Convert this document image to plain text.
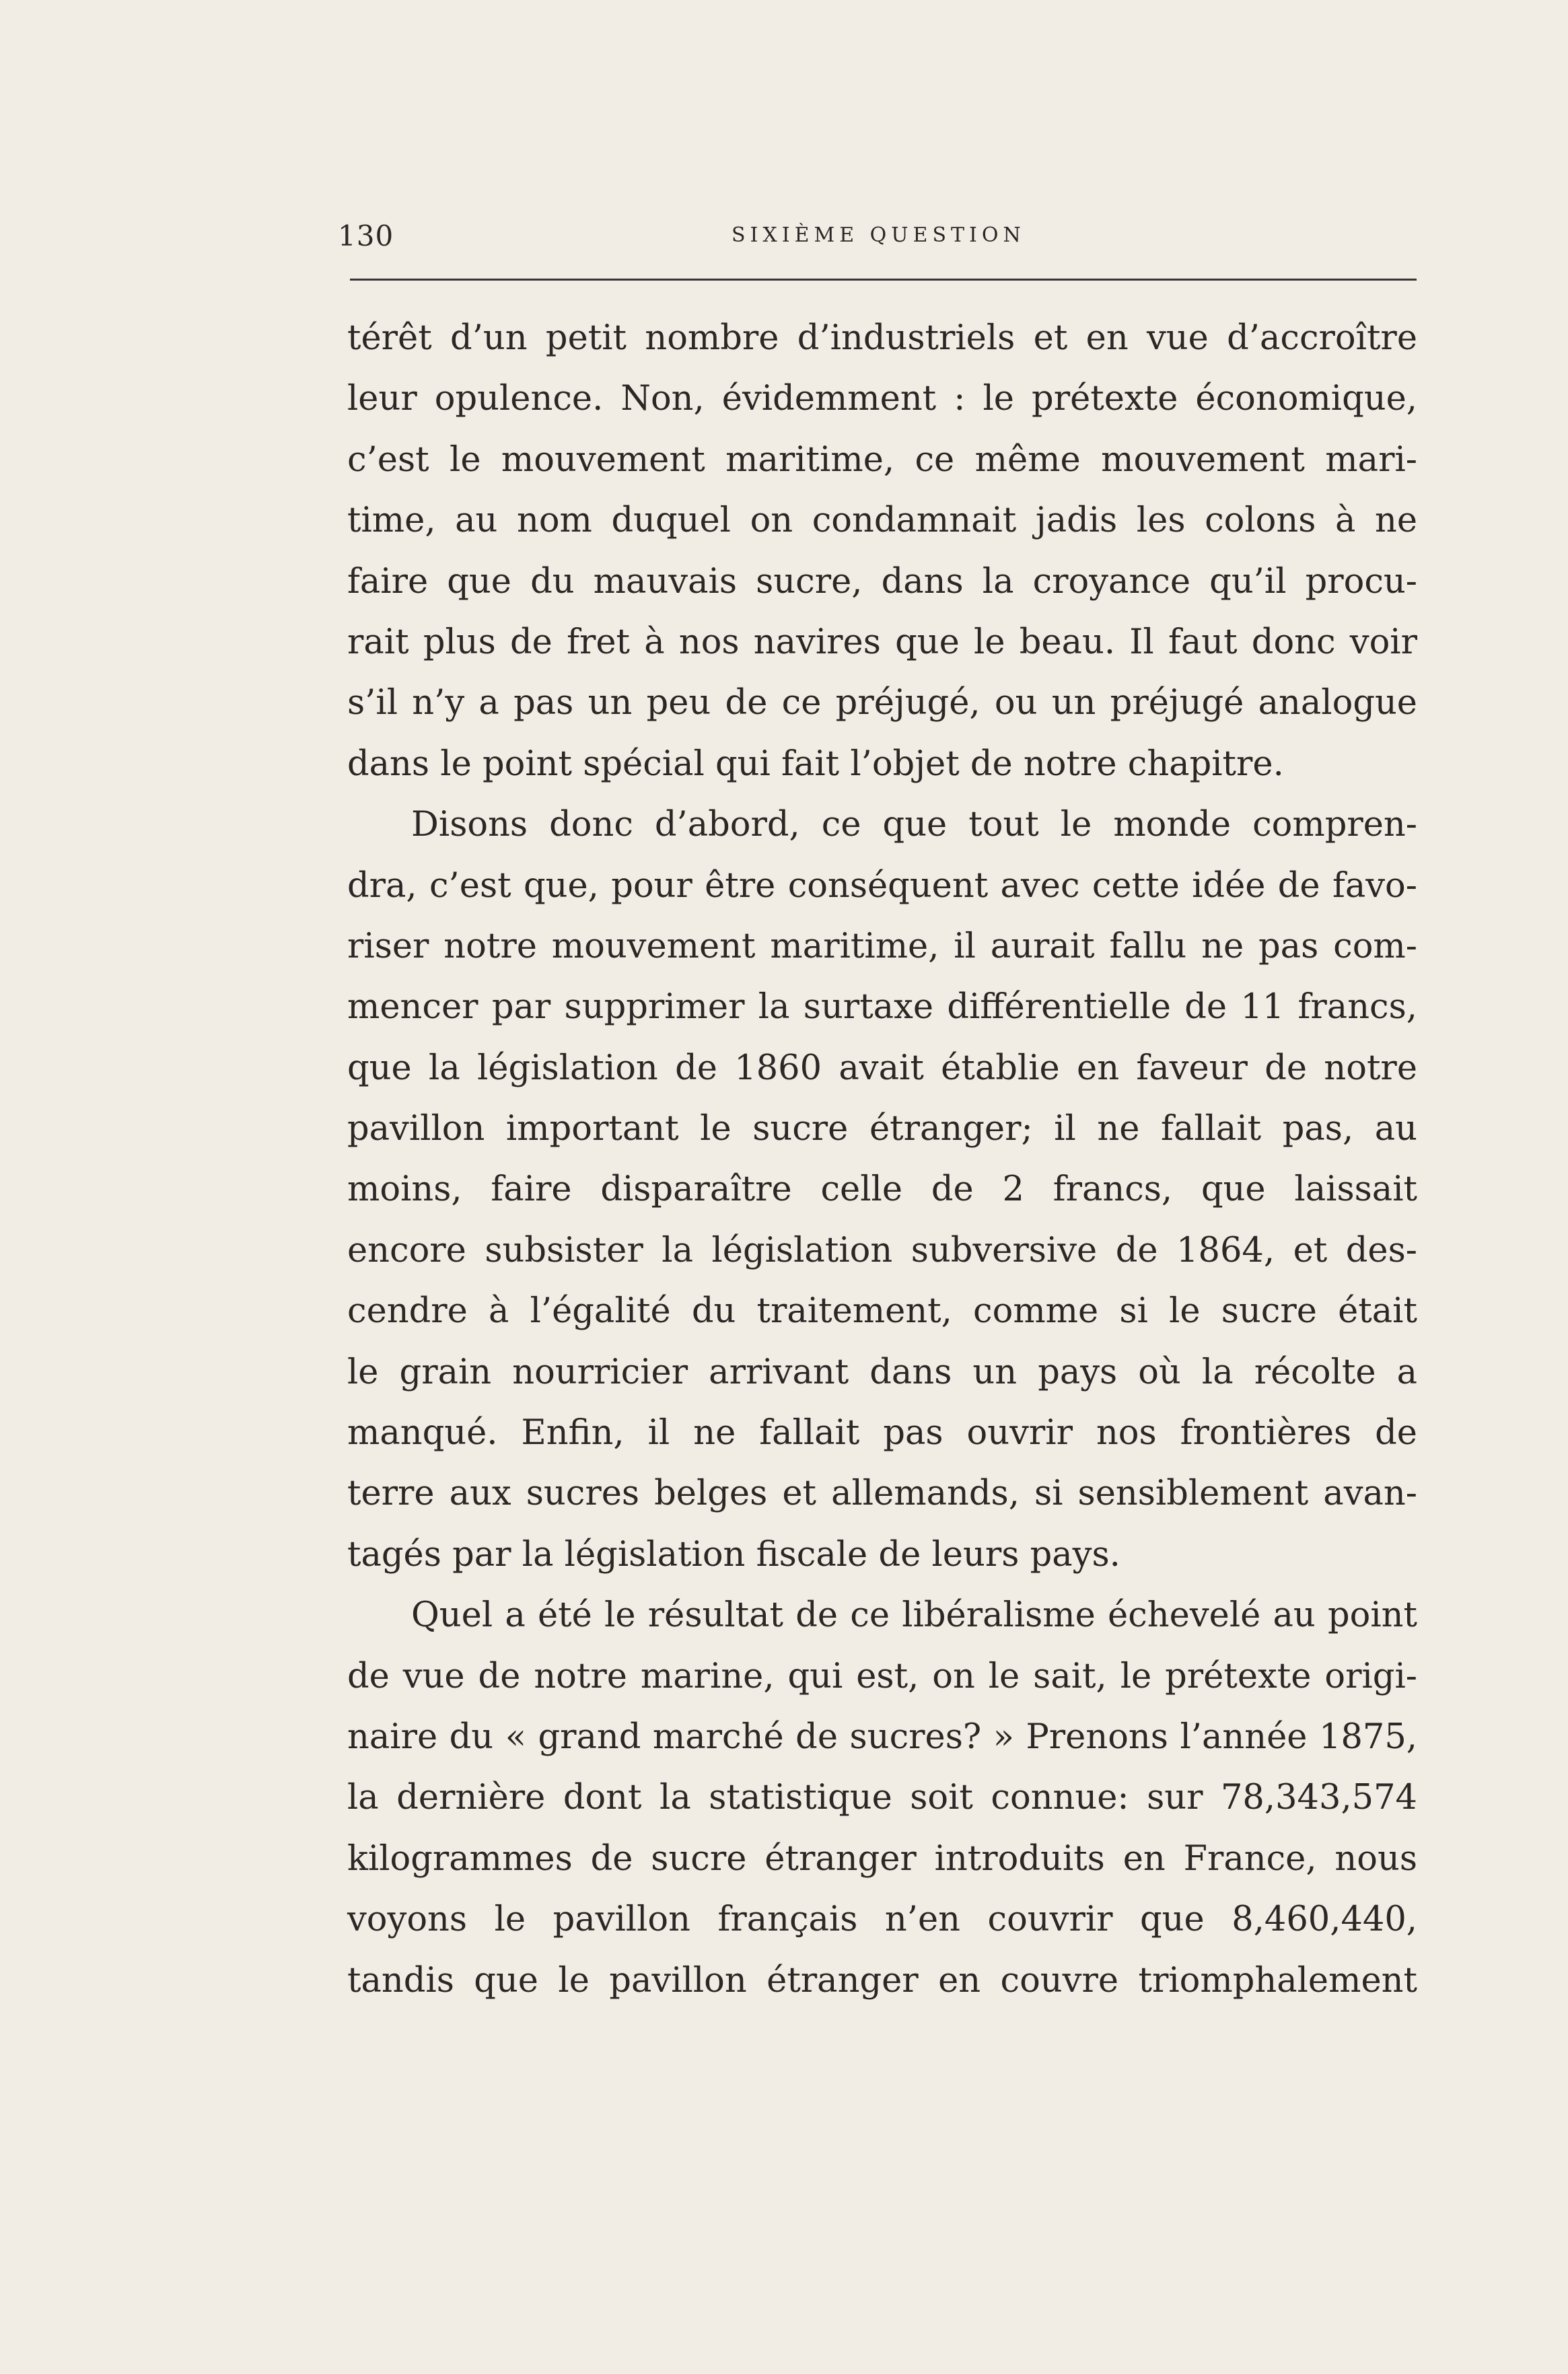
130	SIXIÈME QUESTION
térêt d’un petit nombre d’industriels et en vue d’accroître
leur opulence. Non, évidemment : le prétexte économique,
c’est le mouvement maritime, ce même mouvement mari-
time, au nom duquel on condamnait jadis les colons à ne
faire que du mauvais sucre, dans la croyance qu’il procu-
rait plus de fret à nos navires que le beau. Il faut donc voir
s’il n’y a pas un peu de ce préjugé, ou un préjugé analogue
dans le point spécial qui fait l’objet de notre chapitre.
Disons donc d’abord, ce que tout le monde compren-
dra, c’est que, pour être conséquent avec cette idée de favo-
riser notre mouvement maritime, il aurait fallu ne pas com-
mencer par supprimer la surtaxe différentielle de 11 francs,
que la législation de 1860 avait établie en faveur de notre
pavillon important le sucre étranger; il ne fallait pas, au
moins, faire disparaître celle de 2 francs, que laissait
encore subsister la législation subversive de 1864, et des-
cendre à l’égalité du traitement, comme si le sucre était
le grain nourricier arrivant dans un pays où la récolte a
manqué. Enfin, il ne fallait pas ouvrir nos frontières de
terre aux sucres belges et allemands, si sensiblement avan-
tagés par la législation fiscale de leurs pays.
Quel a été le résultat de ce libéralisme échevelé au point
de vue de notre marine, qui est, on le sait, le prétexte origi-
naire du « grand marché de sucres? » Prenons l’année 1875,
la dernière dont la statistique soit connue: sur 78,343,574
kilogrammes de sucre étranger introduits en France, nous
voyons le pavillon français n’en couvrir que 8,460,440,
tandis que le pavillon étranger en couvre triomphalement
